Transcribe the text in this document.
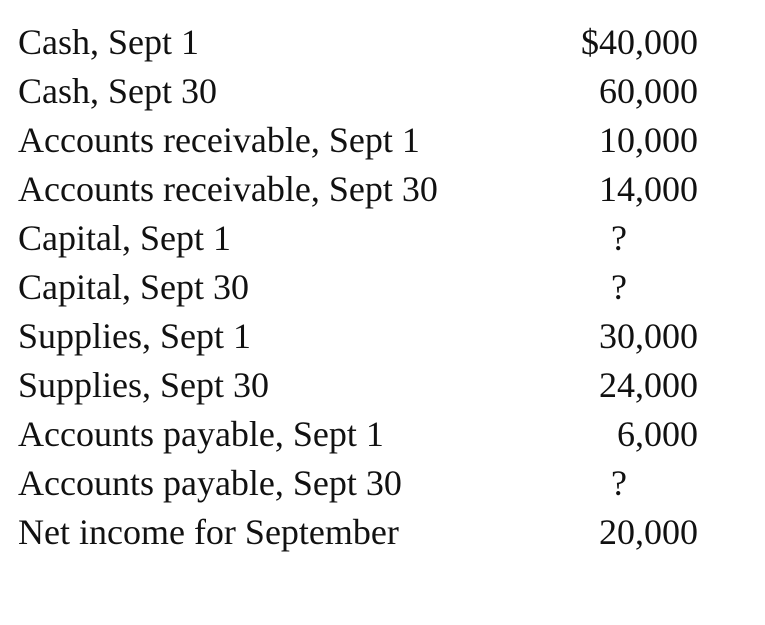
Cash, Sept 1	$40,000
Cash, Sept 30	60,000
Accounts receivable, Sept 1	10,000
Accounts receivable, Sept 30	14,000
Capital, Sept 1	?
Capital, Sept 30	?
Supplies, Sept 1	30,000
Supplies, Sept 30	24,000
Accounts payable, Sept 1	6,000
Accounts payable, Sept 30	?
Net income for September	20,000
